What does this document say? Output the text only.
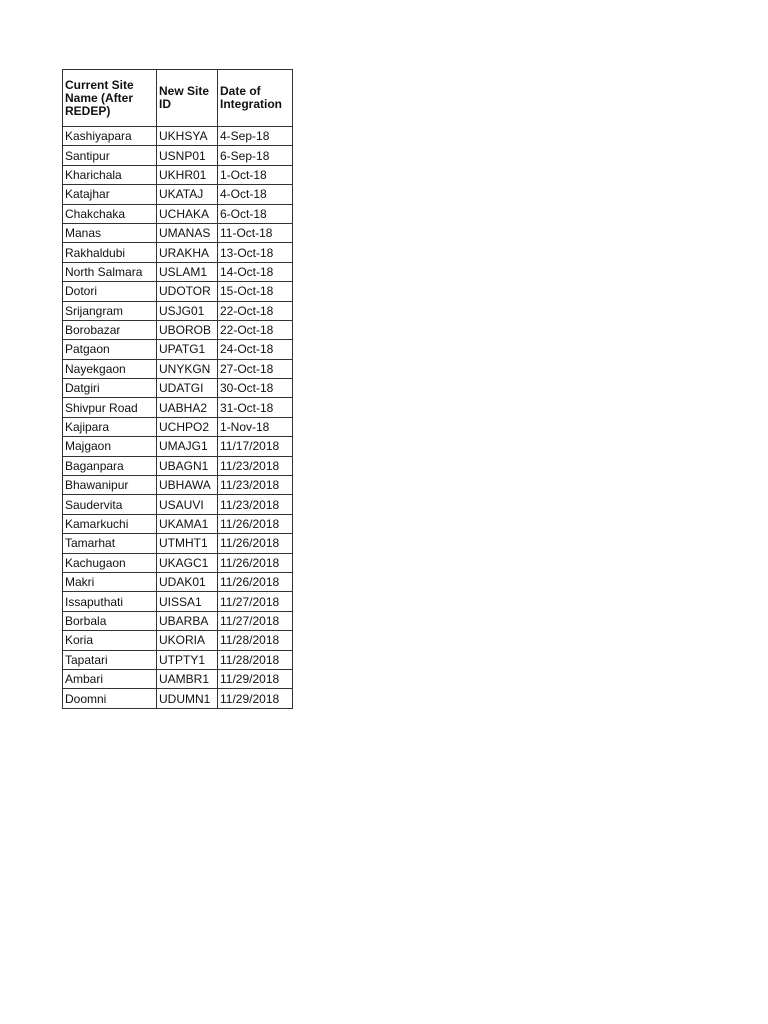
Current Site Name (After REDEP)	New Site ID	Date of Integration
Kashiyapara	UKHSYA	4-Sep-18
Santipur	USNP01	6-Sep-18
Kharichala	UKHR01	1-Oct-18
Katajhar	UKATAJ	4-Oct-18
Chakchaka	UCHAKA	6-Oct-18
Manas	UMANAS	11-Oct-18
Rakhaldubi	URAKHA	13-Oct-18
North Salmara	USLAM1	14-Oct-18
Dotori	UDOTOR	15-Oct-18
Srijangram	USJG01	22-Oct-18
Borobazar	UBOROB	22-Oct-18
Patgaon	UPATG1	24-Oct-18
Nayekgaon	UNYKGN	27-Oct-18
Datgiri	UDATGI	30-Oct-18
Shivpur Road	UABHA2	31-Oct-18
Kajipara	UCHPO2	1-Nov-18
Majgaon	UMAJG1	11/17/2018
Baganpara	UBAGN1	11/23/2018
Bhawanipur	UBHAWA	11/23/2018
Saudervita	USAUVI	11/23/2018
Kamarkuchi	UKAMA1	11/26/2018
Tamarhat	UTMHT1	11/26/2018
Kachugaon	UKAGC1	11/26/2018
Makri	UDAK01	11/26/2018
Issaputhati	UISSA1	11/27/2018
Borbala	UBARBA	11/27/2018
Koria	UKORIA	11/28/2018
Tapatari	UTPTY1	11/28/2018
Ambari	UAMBR1	11/29/2018
Doomni	UDUMN1	11/29/2018
